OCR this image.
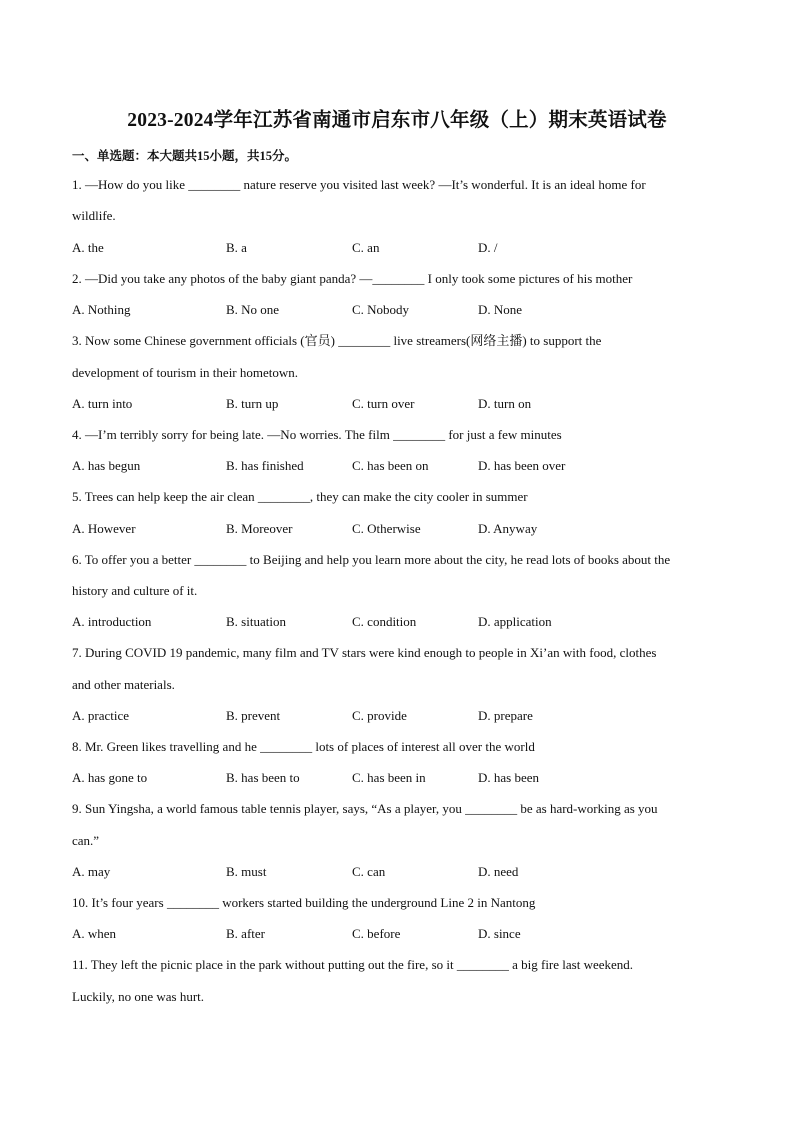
2023-2024学年江苏省南通市启东市八年级（上）期末英语试卷
一、单选题：本大题共15小题，共15分。
1. —How do you like ________ nature reserve you visited last week? —It’s wonderful. It is an ideal home for
wildlife.
A. the	B. a	C. an	D. /
2. —Did you take any photos of the baby giant panda? —________ I only took some pictures of his mother
A. Nothing	B. No one	C. Nobody	D. None
3. Now some Chinese government officials (官员) ________ live streamers(网络主播) to support the
development of tourism in their hometown.
A. turn into	B. turn up	C. turn over	D. turn on
4. —I’m terribly sorry for being late. —No worries. The film ________ for just a few minutes
A. has begun	B. has finished	C. has been on	D. has been over
5. Trees can help keep the air clean ________, they can make the city cooler in summer
A. However	B. Moreover	C. Otherwise	D. Anyway
6. To offer you a better ________ to Beijing and help you learn more about the city, he read lots of books about the
history and culture of it.
A. introduction	B. situation	C. condition	D. application
7. During COVID 19 pandemic, many film and TV stars were kind enough to people in Xi’an with food, clothes
and other materials.
A. practice	B. prevent	C. provide	D. prepare
8. Mr. Green likes travelling and he ________ lots of places of interest all over the world
A. has gone to	B. has been to	C. has been in	D. has been
9. Sun Yingsha, a world famous table tennis player, says, “As a player, you ________ be as hard-working as you
can.”
A. may	B. must	C. can	D. need
10. It’s four years ________ workers started building the underground Line 2 in Nantong
A. when	B. after	C. before	D. since
11. They left the picnic place in the park without putting out the fire, so it ________ a big fire last weekend.
Luckily, no one was hurt.
